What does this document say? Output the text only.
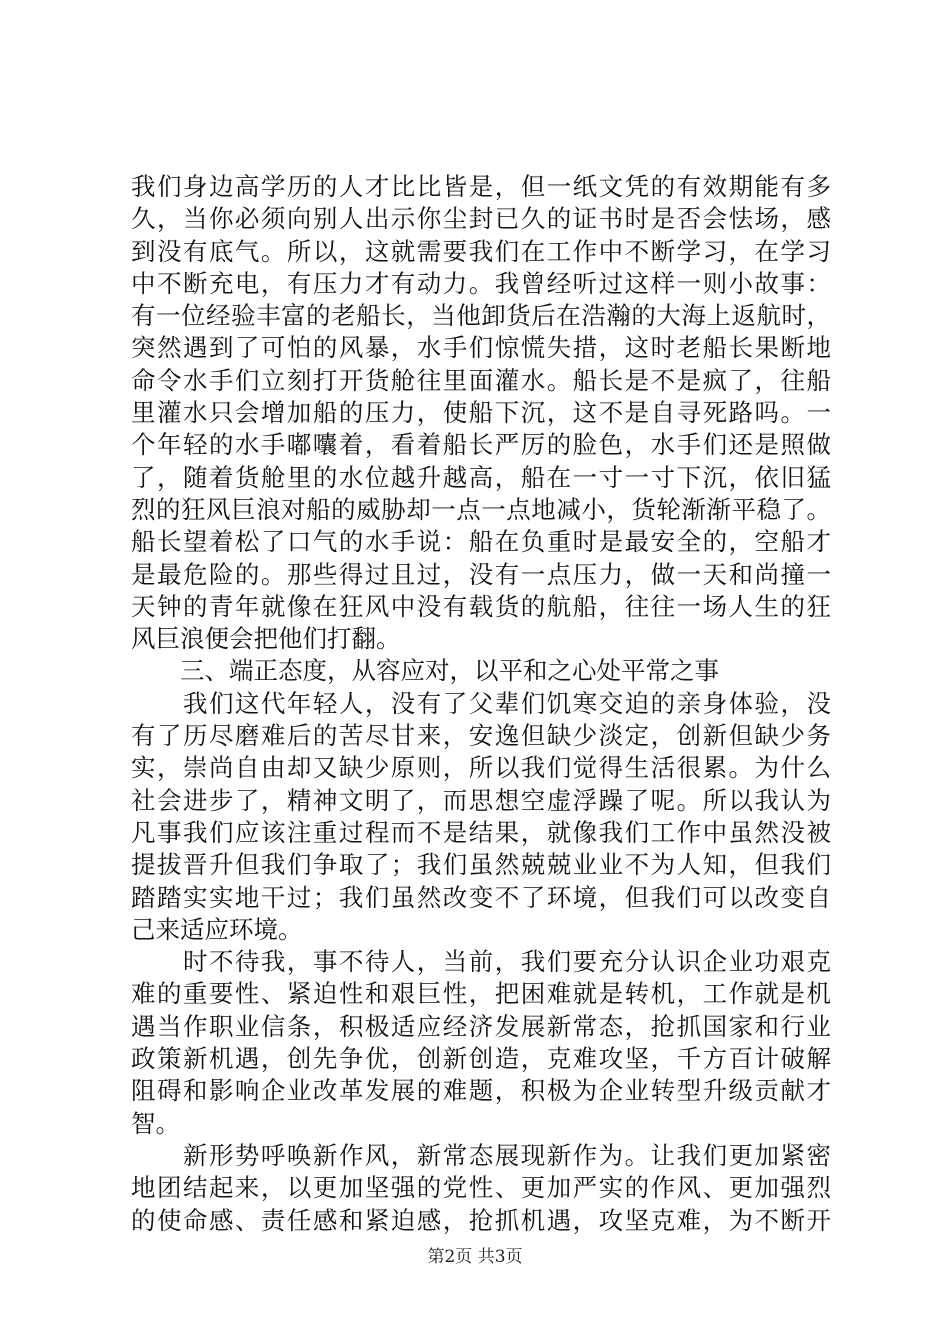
我们身边高学历的人才比比皆是，但一纸文凭的有效期能有多
久，当你必须向别人出示你尘封已久的证书时是否会怯场，感
到没有底气。所以，这就需要我们在工作中不断学习，在学习
中不断充电，有压力才有动力。我曾经听过这样一则小故事：
有一位经验丰富的老船长，当他卸货后在浩瀚的大海上返航时，
突然遇到了可怕的风暴，水手们惊慌失措，这时老船长果断地
命令水手们立刻打开货舱往里面灌水。船长是不是疯了，往船
里灌水只会增加船的压力，使船下沉，这不是自寻死路吗。一
个年轻的水手嘟囔着，看着船长严厉的脸色，水手们还是照做
了，随着货舱里的水位越升越高，船在一寸一寸下沉，依旧猛
烈的狂风巨浪对船的威胁却一点一点地减小，货轮渐渐平稳了。
船长望着松了口气的水手说：船在负重时是最安全的，空船才
是最危险的。那些得过且过，没有一点压力，做一天和尚撞一
天钟的青年就像在狂风中没有载货的航船，往往一场人生的狂
风巨浪便会把他们打翻。
　　三、端正态度，从容应对，以平和之心处平常之事
　　我们这代年轻人，没有了父辈们饥寒交迫的亲身体验，没
有了历尽磨难后的苦尽甘来，安逸但缺少淡定，创新但缺少务
实，崇尚自由却又缺少原则，所以我们觉得生活很累。为什么
社会进步了，精神文明了，而思想空虚浮躁了呢。所以我认为
凡事我们应该注重过程而不是结果，就像我们工作中虽然没被
提拔晋升但我们争取了；我们虽然兢兢业业不为人知，但我们
踏踏实实地干过；我们虽然改变不了环境，但我们可以改变自
己来适应环境。
　　时不待我，事不待人，当前，我们要充分认识企业功艰克
难的重要性、紧迫性和艰巨性，把困难就是转机，工作就是机
遇当作职业信条，积极适应经济发展新常态，抢抓国家和行业
政策新机遇，创先争优，创新创造，克难攻坚，千方百计破解
阻碍和影响企业改革发展的难题，积极为企业转型升级贡献才
智。
　　新形势呼唤新作风，新常态展现新作为。让我们更加紧密
地团结起来，以更加坚强的党性、更加严实的作风、更加强烈
的使命感、责任感和紧迫感，抢抓机遇，攻坚克难，为不断开
第2页 共3页
